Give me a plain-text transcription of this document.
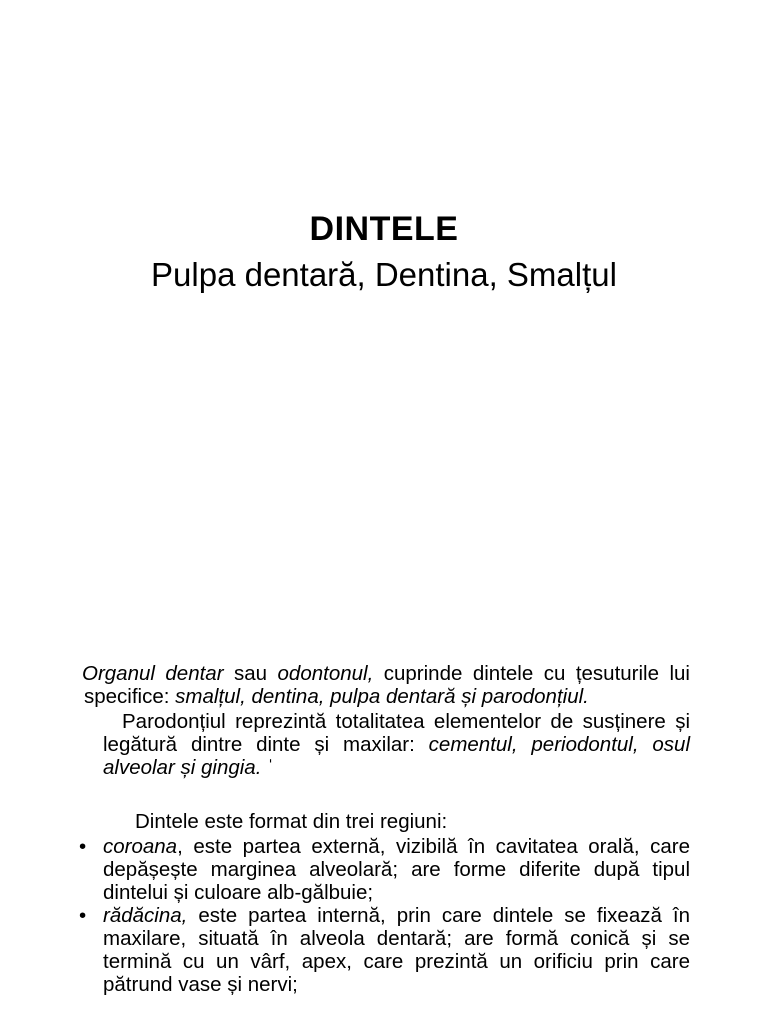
DINTELE
Pulpa dentară, Dentina, Smalțul

Organul dentar sau odontonul, cuprinde dintele cu țesuturile lui specifice: smalțul, dentina, pulpa dentară și parodonțiul.

Parodonțiul reprezintă totalitatea elementelor de susținere și legătură dintre dinte și maxilar: cementul, periodontul, osul alveolar și gingia. ˈ

Dintele este format din trei regiuni:
• coroana, este partea externă, vizibilă în cavitatea orală, care depășește marginea alveolară; are forme diferite după tipul dintelui și culoare alb-gălbuie;
• rădăcina, este partea internă, prin care dintele se fixează în maxilare, situată în alveola dentară; are formă conică și se termină cu un vârf, apex, care prezintă un orificiu prin care pătrund vase și nervi;
